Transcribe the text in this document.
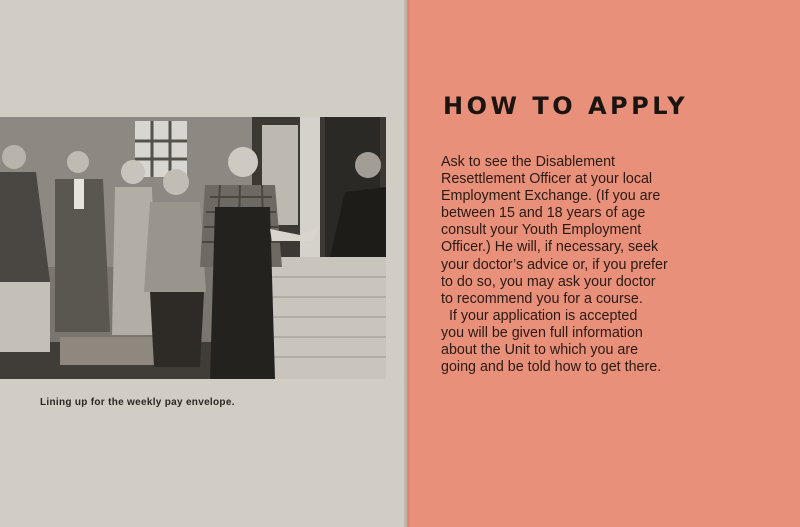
Lining up for the weekly pay envelope.
HOW TO APPLY
Ask to see the Disablement
Resettlement Officer at your local
Employment Exchange. (If you are
between 15 and 18 years of age
consult your Youth Employment
Officer.) He will, if necessary, seek
your doctor’s advice or, if you prefer
to do so, you may ask your doctor
to recommend you for a course.
If your application is accepted
you will be given full information
about the Unit to which you are
going and be told how to get there.
